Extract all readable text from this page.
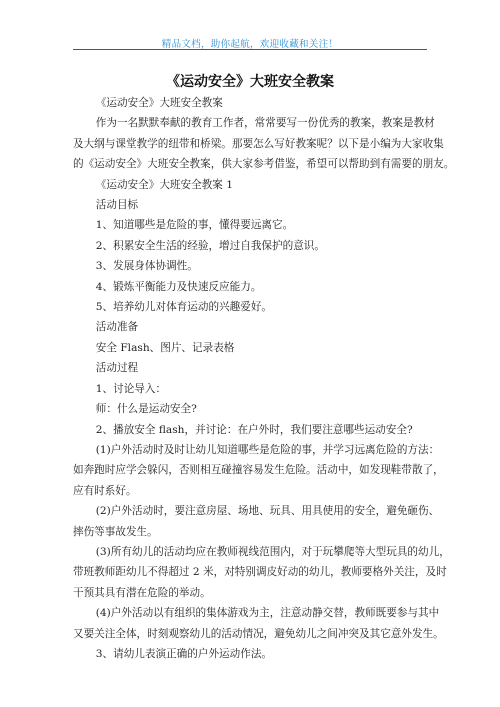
精品文档，助你起航，欢迎收藏和关注！
《运动安全》大班安全教案
《运动安全》大班安全教案
作为一名默默奉献的教育工作者，常常要写一份优秀的教案，教案是教材
及大纲与课堂教学的纽带和桥梁。那要怎么写好教案呢？以下是小编为大家收集
的《运动安全》大班安全教案，供大家参考借鉴，希望可以帮助到有需要的朋友。
《运动安全》大班安全教案 1
活动目标
1、知道哪些是危险的事，懂得要远离它。
2、积累安全生活的经验，增过自我保护的意识。
3、发展身体协调性。
4、锻炼平衡能力及快速反应能力。
5、培养幼儿对体育运动的兴趣爱好。
活动准备
安全 Flash、图片、记录表格
活动过程
1、讨论导入：
师：什么是运动安全?
2、播放安全 flash，并讨论：在户外时，我们要注意哪些运动安全?
(1)户外活动时及时让幼儿知道哪些是危险的事，并学习远离危险的方法：
如奔跑时应学会躲闪，否则相互碰撞容易发生危险。活动中，如发现鞋带散了，
应有时系好。
(2)户外活动时，要注意房屋、场地、玩具、用具使用的安全，避免砸伤、
摔伤等事故发生。
(3)所有幼儿的活动均应在教师视线范围内，对于玩攀爬等大型玩具的幼儿，
带班教师距幼儿不得超过 2 米，对特别调皮好动的幼儿，教师要格外关注，及时
干预其具有潜在危险的举动。
(4)户外活动以有组织的集体游戏为主，注意动静交替，教师既要参与其中
又要关注全体，时刻观察幼儿的活动情况，避免幼儿之间冲突及其它意外发生。
3、请幼儿表演正确的户外运动作法。
